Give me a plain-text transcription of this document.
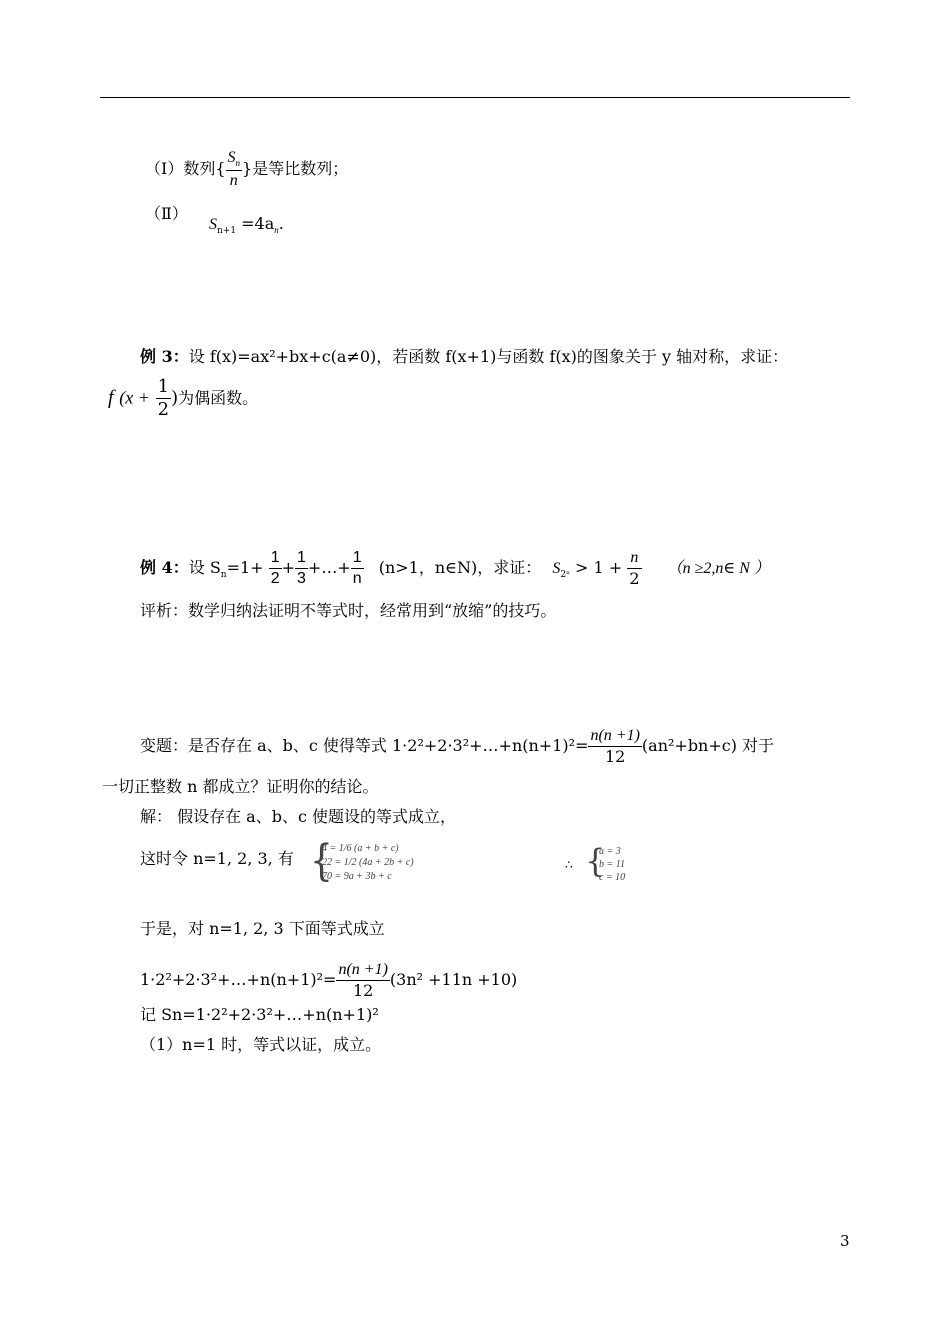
（Ⅰ）数列{ $\frac{S_n}{n}$ }是等比数列；
（Ⅱ） $S_{n+1} =4a_n$.
例 3：设 f(x)=ax²+bx+c(a≠0)，若函数 f(x+1)与函数 f(x)的图象关于 y 轴对称，求证：
f ($x + \frac{1}{2}$ )为偶函数。
例 4：设 $S_n=1+ \frac{1}{2} + \frac{1}{3}$ +…+ $\frac{1}{n} (n>1$，n∈N)，求证： $S_{2^n} > 1 + \frac{n}{2} (n$ ≥2,n∈ N ）
评析：数学归纳法证明不等式时，经常用到“放缩”的技巧。
变题：是否存在 a、b、c 使得等式 1·2²+2·3²+…+n(n+1)²= $\frac{n(n +1)}{12} (an^2+bn+c)$ 对于
一切正整数 n 都成立？证明你的结论。
解： 假设存在 a、b、c 使题设的等式成立，
这时令 n=1, 2, 3, 有 {
4 = 1/6 (a + b + c)
22 = 1/2 (4a + 2b + c)
70 = 9a + 3b + c
∴ {
a = 3
b = 11
c = 10
于是，对 n=1, 2, 3 下面等式成立
1·2²+2·3²+…+n(n+1)²= $\frac{n(n +1)}{12} (3n^2 +11n +10)$
记 Sn=1·2²+2·3²+…+n(n+1)²
（1）n=1 时，等式以证，成立。
3
